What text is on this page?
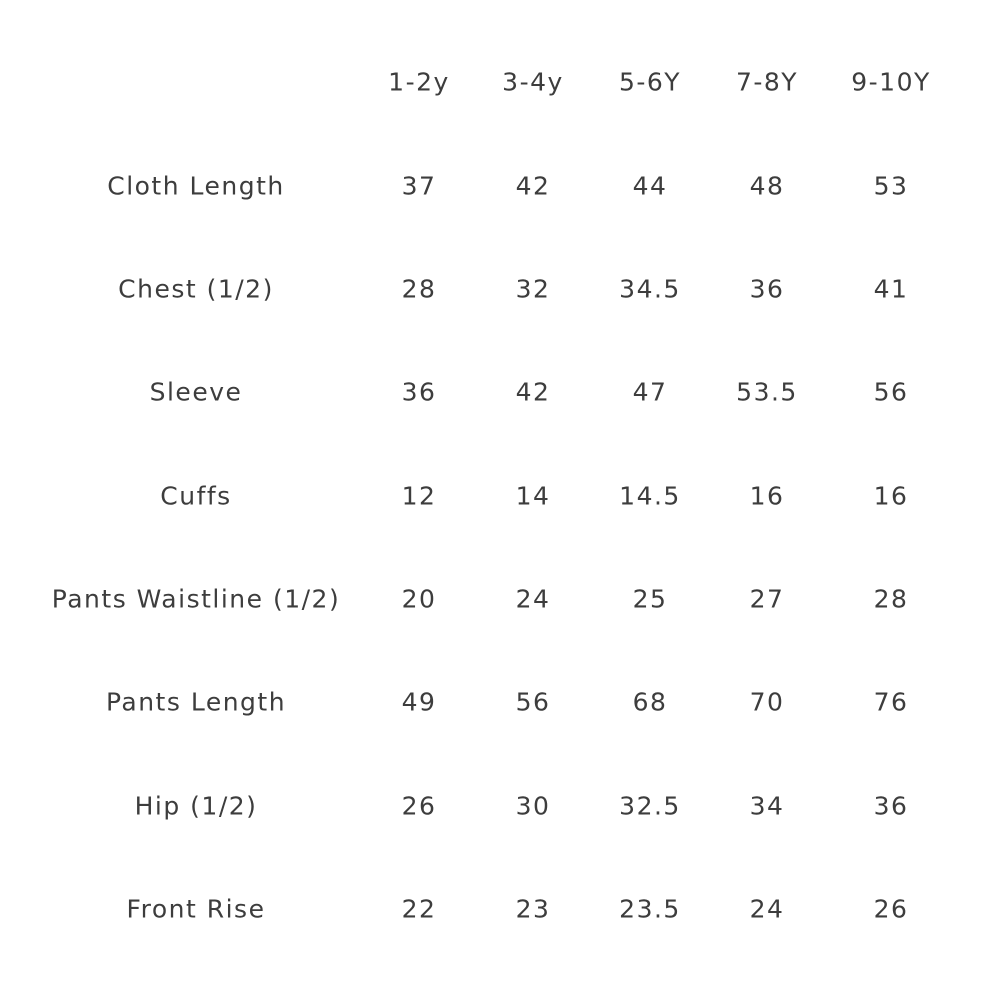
1-2y 3-4y 5-6Y 7-8Y 9-10Y
Cloth Length	37	42	44	48	53
Chest (1/2)	28	32	34.5	36	41
Sleeve	36	42	47	53.5	56
Cuffs	12	14	14.5	16	16
Pants Waistline (1/2) 20	24	25	27	28
Pants Length	49	56	68	70	76
Hip (1/2)	26	30	32.5	34	36
Front Rise	22	23	23.5	24	26
